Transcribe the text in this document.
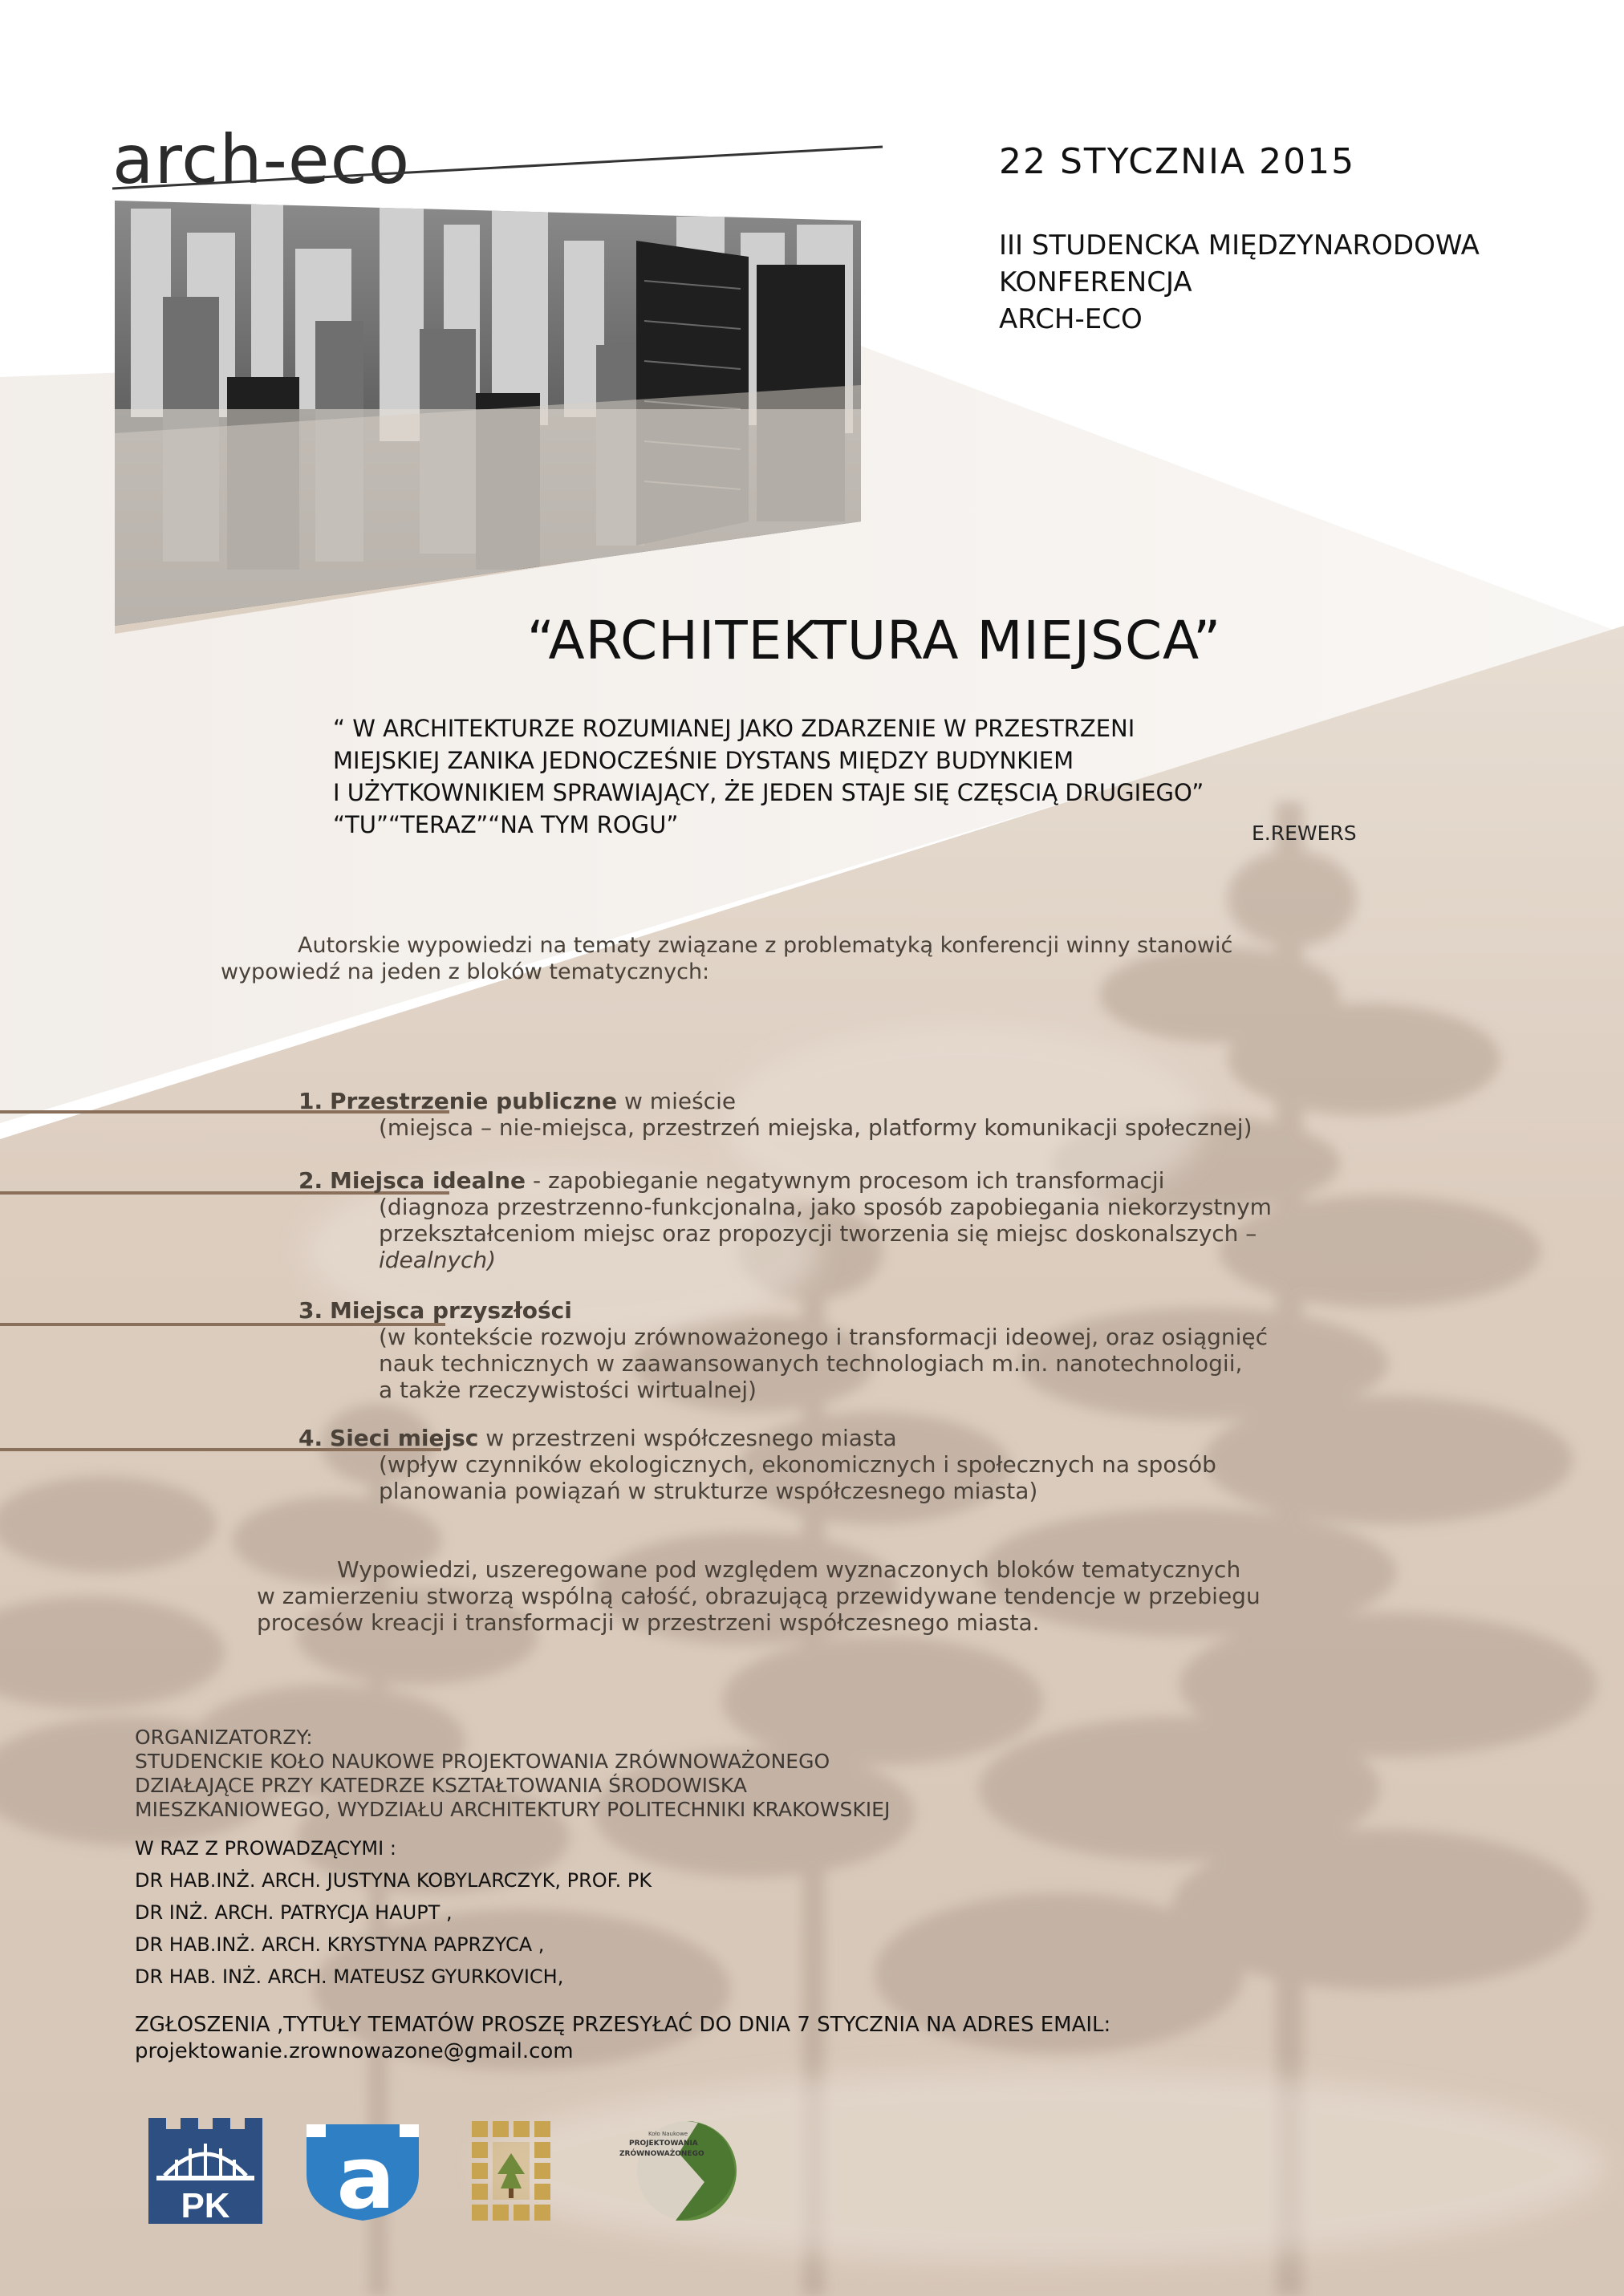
arch-eco	22 STYCZNIA 2015
III STUDENCKA MIĘDZYNARODOWA
KONFERENCJA
ARCH-ECO
“ARCHITEKTURA MIEJSCA”
“ W ARCHITEKTURZE ROZUMIANEJ JAKO ZDARZENIE W PRZESTRZENI
MIEJSKIEJ ZANIKA JEDNOCZEŚNIE DYSTANS MIĘDZY BUDYNKIEM
I UŻYTKOWNIKIEM SPRAWIAJĄCY, ŻE JEDEN STAJE SIĘ CZĘSCIĄ DRUGIEGO”
“TU”“TERAZ”“NA TYM ROGU”	E.REWERS
Autorskie wypowiedzi na tematy związane z problematyką konferencji winny stanowić
wypowiedź na jeden z bloków tematycznych:
1. Przestrzenie publiczne w mieście
(miejsca – nie-miejsca, przestrzeń miejska, platformy komunikacji społecznej)
2. Miejsca idealne - zapobieganie negatywnym procesom ich transformacji
(diagnoza przestrzenno-funkcjonalna, jako sposób zapobiegania niekorzystnym
przekształceniom miejsc oraz propozycji tworzenia się miejsc doskonalszych –
idealnych)
3. Miejsca przyszłości
(w kontekście rozwoju zrównoważonego i transformacji ideowej, oraz osiągnięć
nauk technicznych w zaawansowanych technologiach m.in. nanotechnologii,
a także rzeczywistości wirtualnej)
4. Sieci miejsc w przestrzeni współczesnego miasta
(wpływ czynników ekologicznych, ekonomicznych i społecznych na sposób
planowania powiązań w strukturze współczesnego miasta)
Wypowiedzi, uszeregowane pod względem wyznaczonych bloków tematycznych
w zamierzeniu stworzą wspólną całość, obrazującą przewidywane tendencje w przebiegu
procesów kreacji i transformacji w przestrzeni współczesnego miasta.
ORGANIZATORZY:
STUDENCKIE KOŁO NAUKOWE PROJEKTOWANIA ZRÓWNOWAŻONEGO
DZIAŁAJĄCE PRZY KATEDRZE KSZTAŁTOWANIA ŚRODOWISKA
MIESZKANIOWEGO, WYDZIAŁU ARCHITEKTURY POLITECHNIKI KRAKOWSKIEJ
W RAZ Z PROWADZĄCYMI :
DR HAB.INŻ. ARCH. JUSTYNA KOBYLARCZYK, PROF. PK
DR INŻ. ARCH. PATRYCJA HAUPT ,
DR HAB.INŻ. ARCH. KRYSTYNA PAPRZYCA ,
DR HAB. INŻ. ARCH. MATEUSZ GYURKOVICH,
ZGŁOSZENIA ,TYTUŁY TEMATÓW PROSZĘ PRZESYŁAĆ DO DNIA 7 STYCZNIA NA ADRES EMAIL:
projektowanie.zrownowazone@gmail.com
PK a	Koło Naukowe
PROJEKTOWANIA
ZRÓWNOWAŻONEGO
